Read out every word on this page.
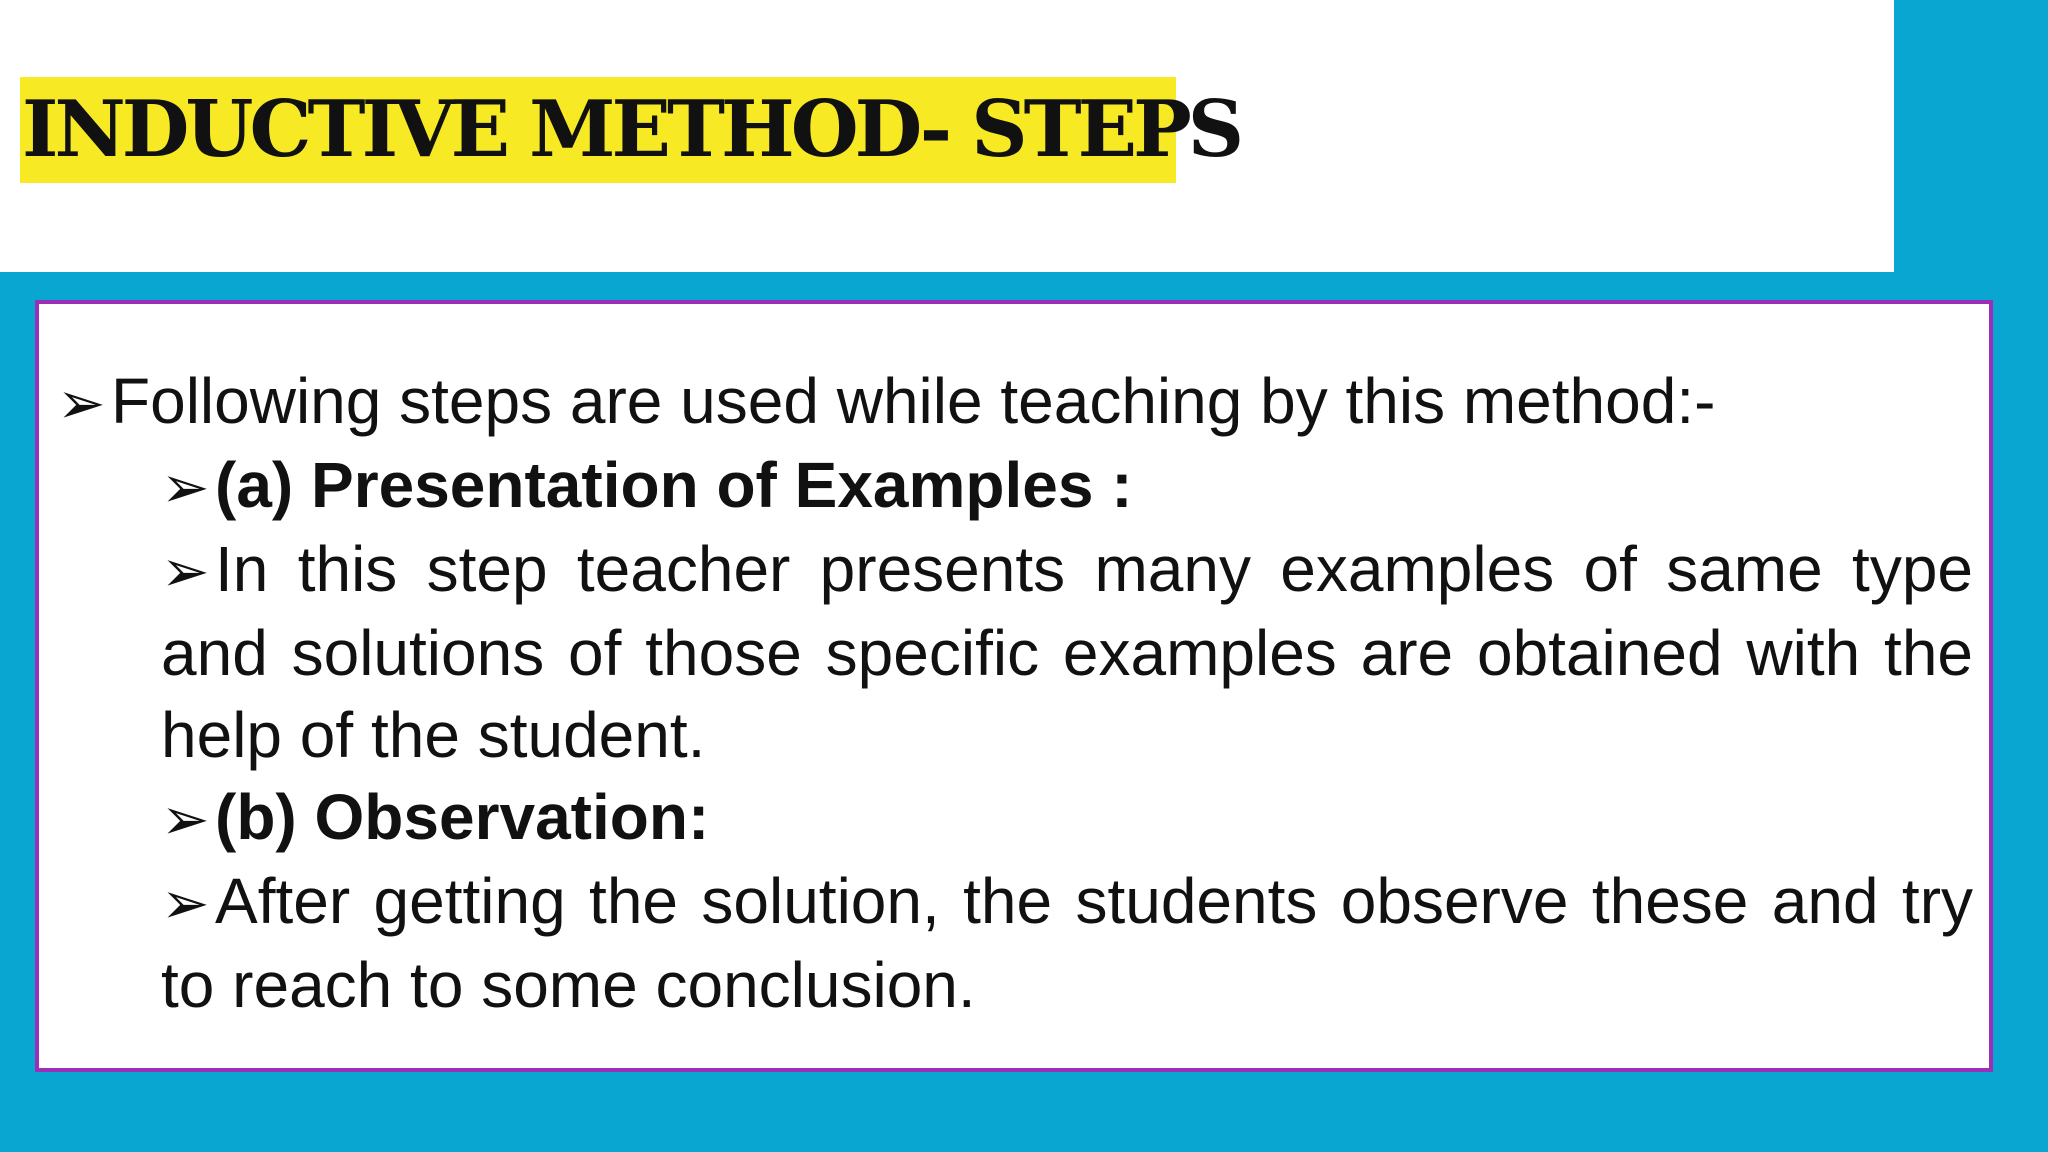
INDUCTIVE METHOD- STEPS

➢Following steps are used while teaching by this method:-

➢(a) Presentation of Examples :

➢In this step teacher presents many examples of same type and solutions of those specific examples are obtained with the help of the student.

➢(b) Observation:

➢After getting the solution, the students observe these and try to reach to some conclusion.
